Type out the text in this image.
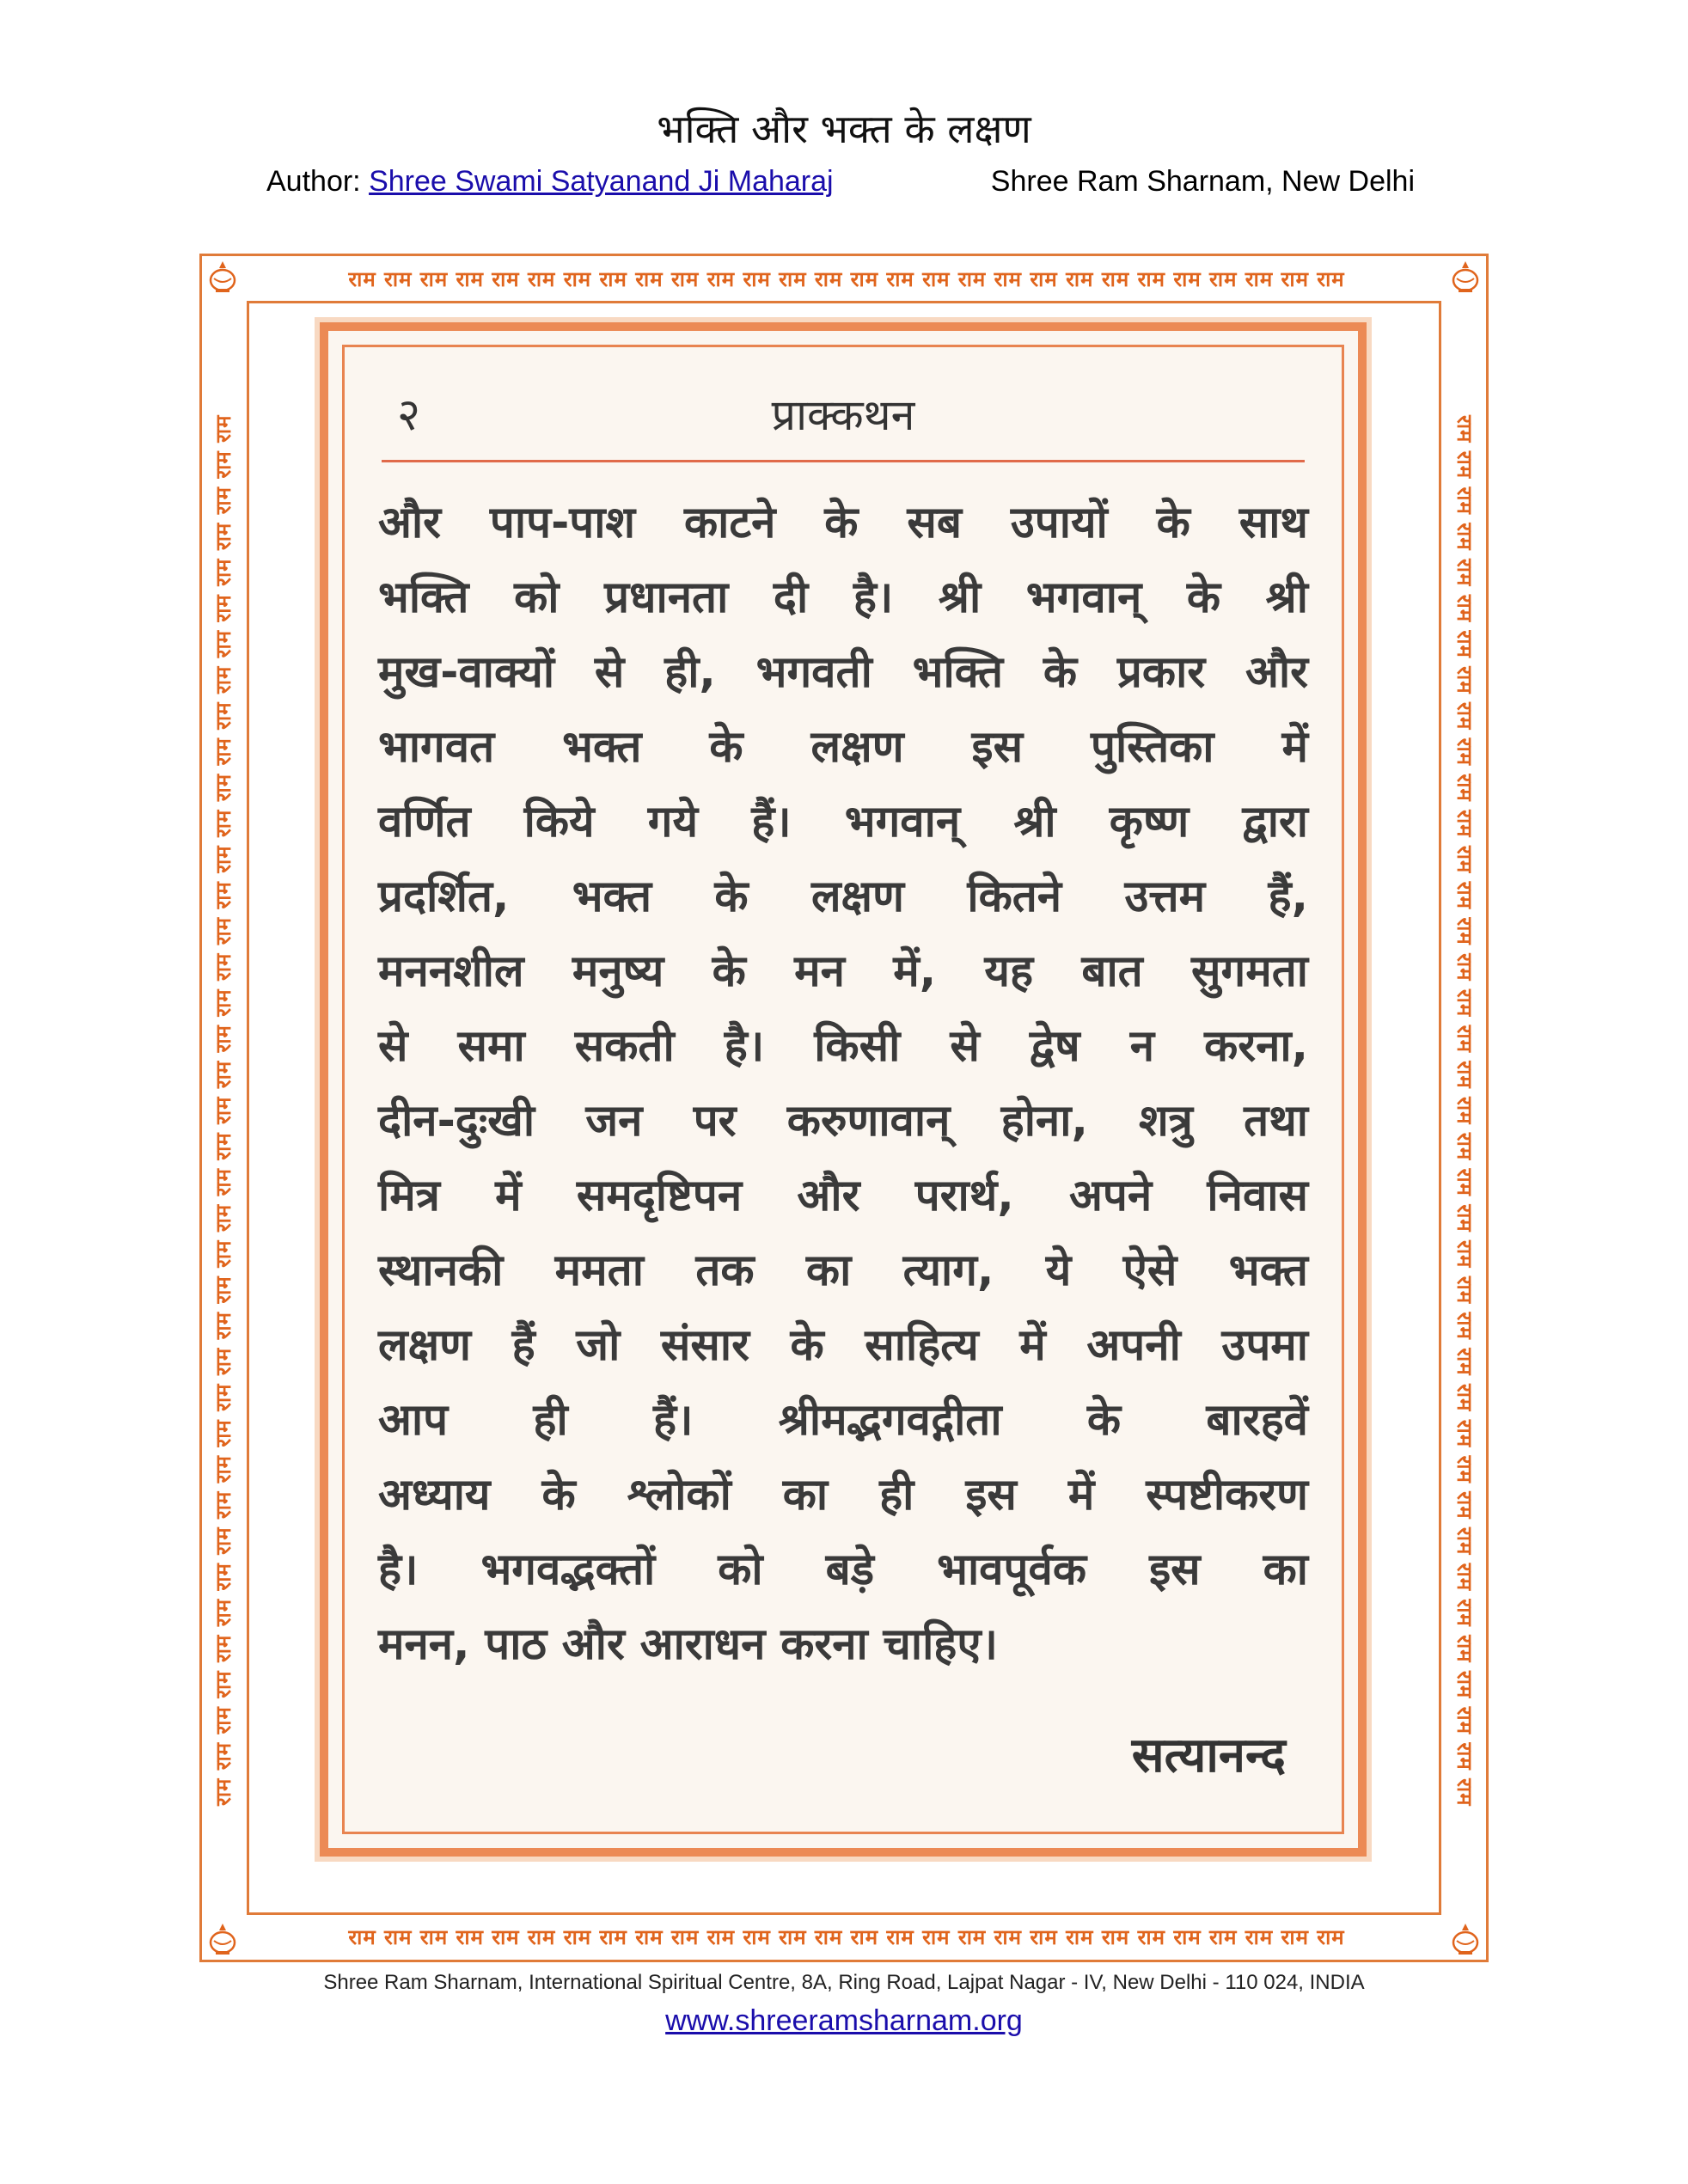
भक्ति और भक्त के लक्षण
Author: Shree Swami Satyanand Ji Maharaj	Shree Ram Sharnam, New Delhi
राम राम राम राम राम राम राम राम राम राम राम राम राम राम राम राम राम राम राम राम राम राम राम राम राम राम राम राम
राम राम राम राम राम राम राम राम राम राम राम राम राम राम राम राम राम राम राम राम राम राम राम राम राम राम राम राम
राम राम राम राम राम राम राम राम राम राम राम राम राम राम राम राम राम राम राम राम राम राम राम राम राम राम राम राम राम राम राम राम राम राम राम राम राम राम राम	राम राम राम राम राम राम राम राम राम राम राम राम राम राम राम राम राम राम राम राम राम राम राम राम राम राम राम राम राम राम राम राम राम राम राम राम राम राम राम
२	प्राक्कथन
और पाप-पाश काटने के सब उपायों के साथ
भक्ति को प्रधानता दी है। श्री भगवान् के श्री
मुख-वाक्यों से ही, भगवती भक्ति के प्रकार और
भागवत भक्त के लक्षण इस पुस्तिका में
वर्णित किये गये हैं। भगवान् श्री कृष्ण द्वारा
प्रदर्शित, भक्त के लक्षण कितने उत्तम हैं,
मननशील मनुष्य के मन में, यह बात सुगमता
से समा सकती है। किसी से द्वेष न करना,
दीन-दुःखी जन पर करुणावान् होना, शत्रु तथा
मित्र में समदृष्टिपन और परार्थ, अपने निवास
स्थानकी ममता तक का त्याग, ये ऐसे भक्त
लक्षण हैं जो संसार के साहित्य में अपनी उपमा
आप ही हैं। श्रीमद्भगवद्गीता के बारहवें
अध्याय के श्लोकों का ही इस में स्पष्टीकरण
है। भगवद्भक्तों को बड़े भावपूर्वक इस का
मनन, पाठ और आराधन करना चाहिए।
सत्यानन्द
Shree Ram Sharnam, International Spiritual Centre, 8A, Ring Road, Lajpat Nagar - IV, New Delhi - 110 024, INDIA
www.shreeramsharnam.org
